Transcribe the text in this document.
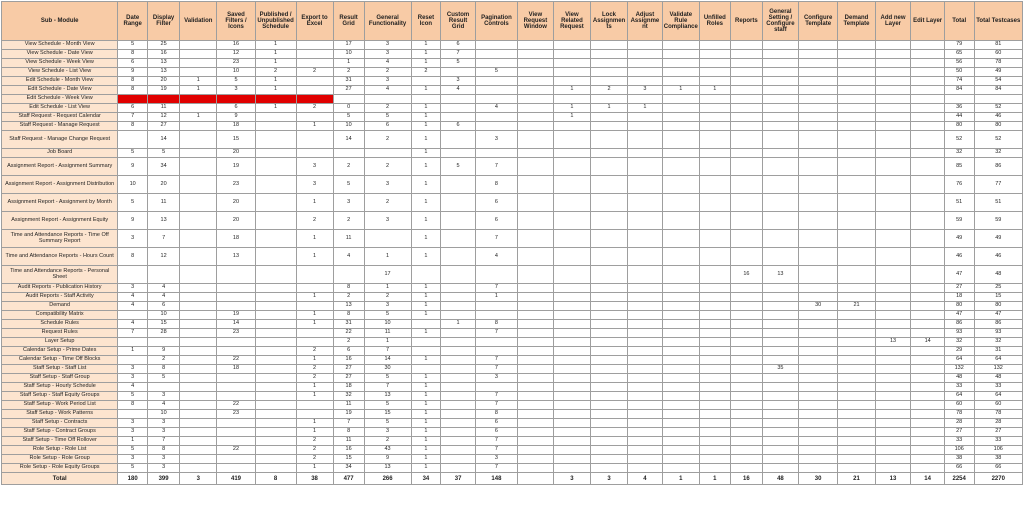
Sub - Module	Date Range	Display Filter	Validation	Saved Filters / Icons	Published / Unpublished Schedule	Export to Excel	Result Grid	General Functionality	Reset Icon	Custom Result Grid	Pagination Controls	View Request Window	View Related Request	Lock Assignments	Adjust Assignment	Validate Rule Compliance	Unfilled Roles	Reports	General Setting / Configure staff	Configure Template	Demand Template	Add new Layer	Edit Layer	Total	Total Testcases
View Schedule - Month View	5	25		16	1		17	3	1	6														79	81
View Schedule - Date View	8	16		12	1		10	3	1	7														65	60
View Schedule - Week View	6	13		23	1		1	4	1	5														56	78
View Schedule - List View	9	13		10	2	2	2	2	2		5													50	49
Edit Schedule - Month View	8	20	1	5	1		31	3		3														74	54
Edit Schedule - Date View	8	19	1	3	1		27	4	1	4			1	2	3	1	1							84	84
Edit Schedule - Week View																									
Edit Schedule - List View	6	11		6	1	2	0	2	1		4		1	1	1									36	52
Staff Request - Request Calendar	7	12	1	9			5	5	1				1											44	46
Staff Request - Manage Request	8	27		18		1	10	6	1	6														80	80
Staff Request - Manage Change Request		14		15			14	2	1		3													52	52
Job Board	5	5		20					1															32	32
Assignment Report - Assignment Summary	9	34		19		3	2	2	1	5	7													85	86
Assignment Report - Assignment Distribution	10	20		23		3	5	3	1		8													76	77
Assignment Report - Assignment by Month	5	11		20		1	3	2	1		6													51	51
Assignment Report - Assignment Equity	9	13		20		2	2	3	1		6													59	59
Time and Attendance Reports - Time Off Summary Report	3	7		18		1	11		1		7													49	49
Time and Attendance Reports - Hours Count	8	12		13		1	4	1	1		4													46	46
Time and Attendance Reports - Personal Sheet								17										16	13					47	48
Audit Reports - Publication History	3	4					8	1	1		7													27	25
Audit Reports - Staff Activity	4	4				1	2	2	1		1													18	15
Demand	4	6					13	3	1											30	21			80	80
Compatibility Matrix		10		19		1	8	5	1															47	47
Schedule Rules	4	15		14		1	31	10		1	8													86	86
Request Rules	7	28		23			22	11	1		7													93	93
Layer Setup							2	1														13	14	32	32
Calendar Setup - Prime Dates	1	9				2	6	7																29	31
Calendar Setup - Time Off Blocks		2		22		1	16	14	1		7													64	64
Staff Setup - Staff List	3	8		18		2	27	30			7								35					132	132
Staff Setup - Staff Group	3	5				2	27	5	1		3													48	48
Staff Setup - Hourly Schedule	4					1	18	7	1															33	33
Staff Setup - Staff Equity Groups	5	3				1	32	13	1		7													64	64
Staff Setup - Work Period List	8	4		22			11	5	1		7													60	60
Staff Setup - Work Patterns		10		23			19	15	1		8													78	78
Staff Setup - Contracts	3	3				1	7	5	1		6													28	28
Staff Setup - Contract Groups	3	3				1	8	3	1		6													27	27
Staff Setup - Time Off Rollover	1	7				2	11	2	1		7													33	33
Role Setup - Role List	5	8		22		2	16	43	1		7													106	106
Role Setup - Role Group	3	3				2	15	9	1		3													38	38
Role Setup - Role Equity Groups	5	3				1	34	13	1		7													66	66
Total	180	399	3	419	8	38	477	266	34	37	148		3	3	4	1	1	16	48	30	21	13	14	2254	2270
Need to update
